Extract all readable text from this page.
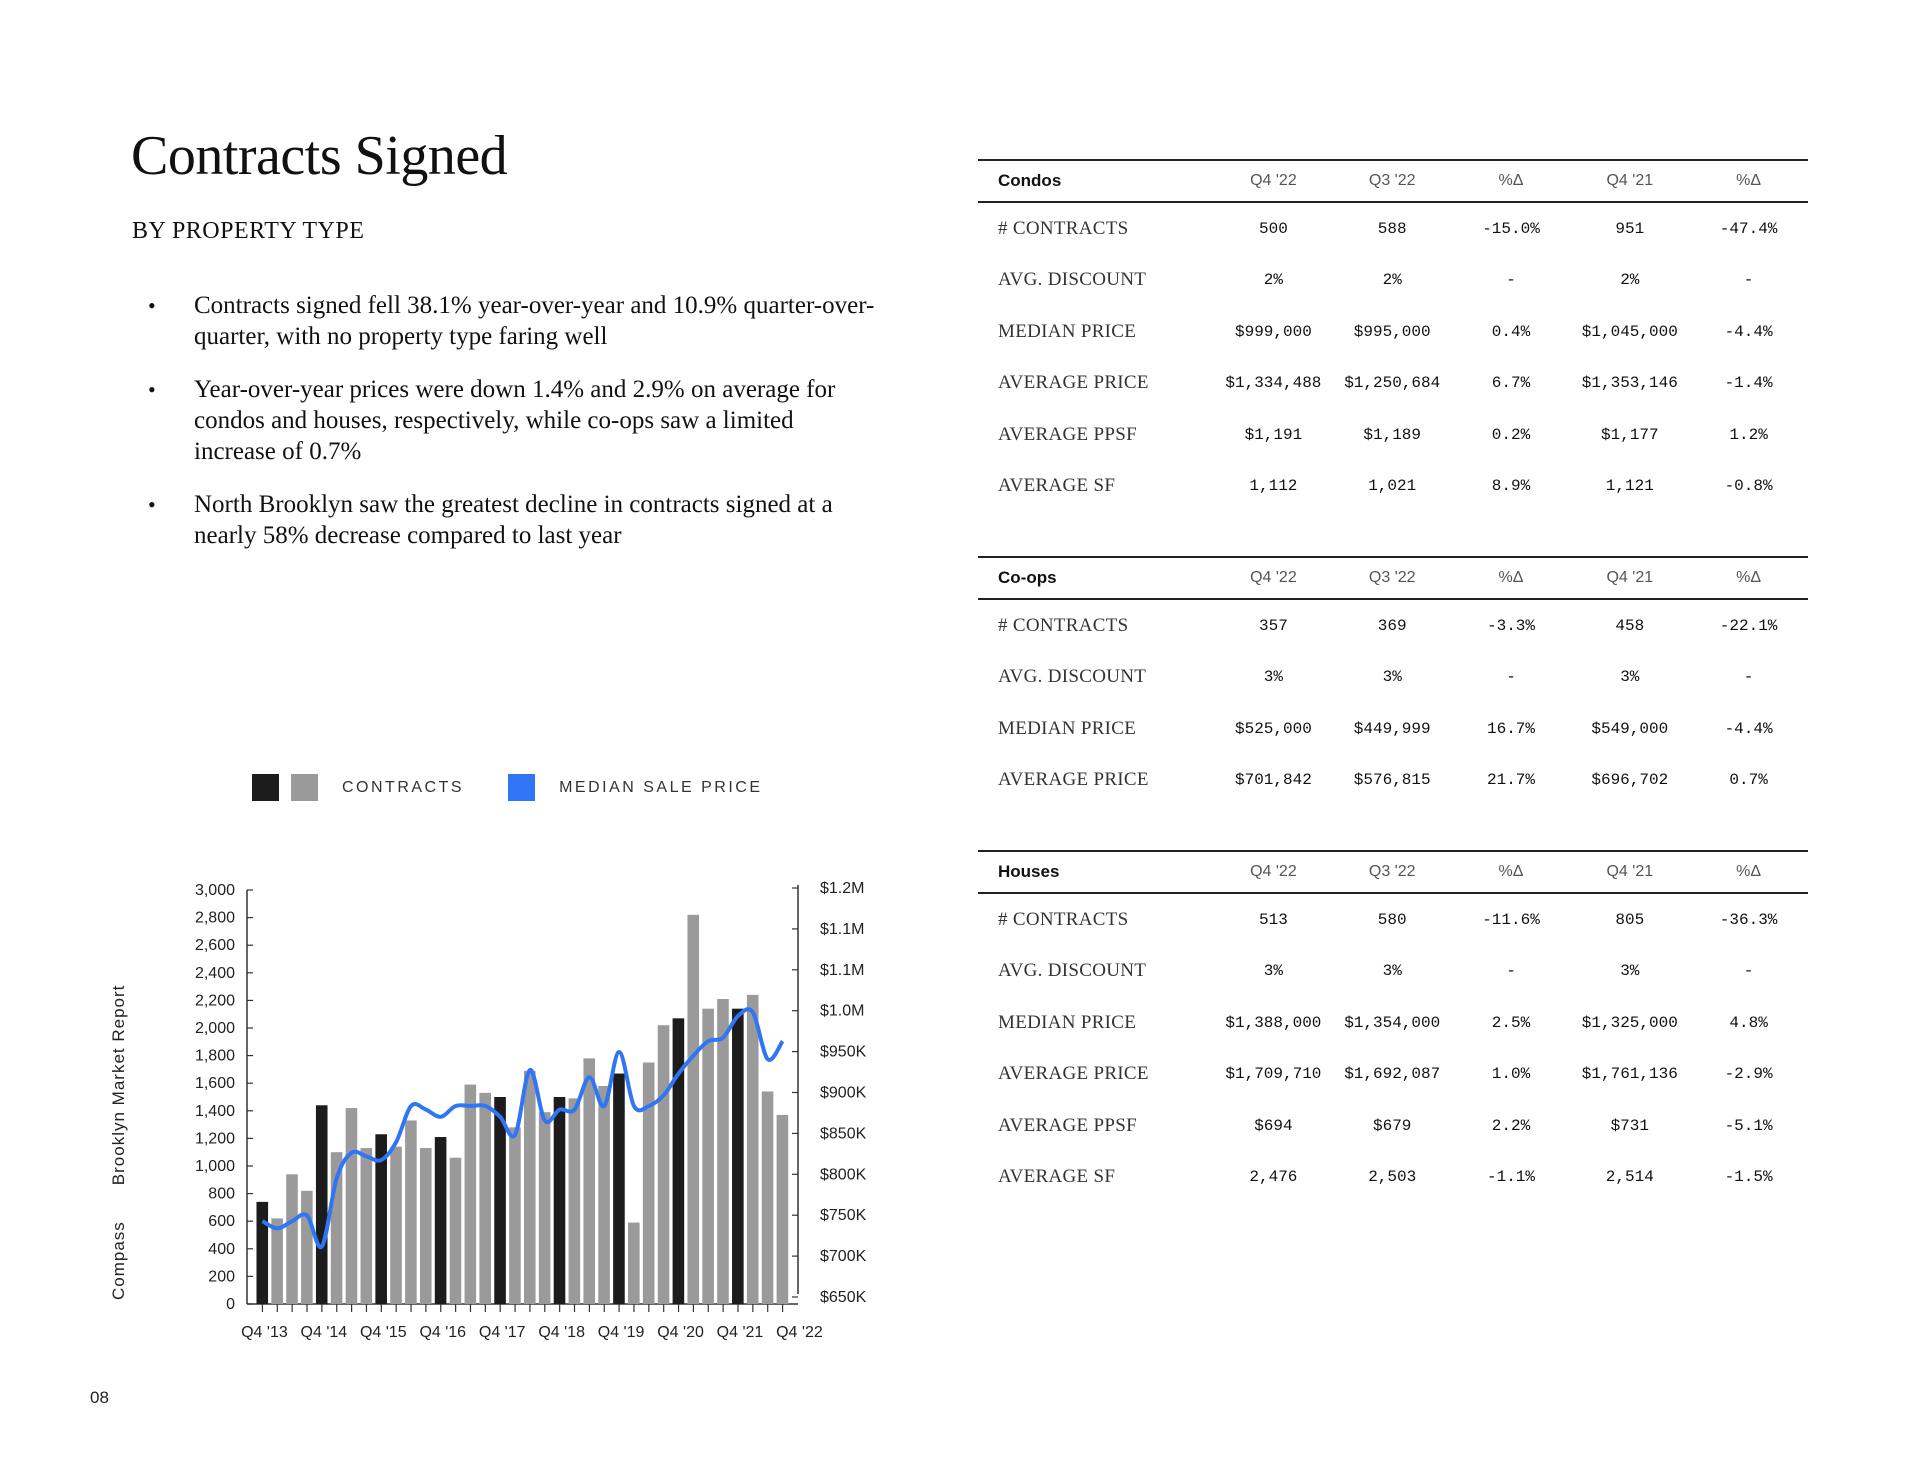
Contracts Signed
BY PROPERTY TYPE
• Contracts signed fell 38.1% year-over-year and 10.9% quarter-over-quarter, with no property type faring well
• Year-over-year prices were down 1.4% and 2.9% on average for condos and houses, respectively, while co-ops saw a limited increase of 0.7%
• North Brooklyn saw the greatest decline in contracts signed at a nearly 58% decrease compared to last year
Compass
Brooklyn Market Report
08
CONTRACTS	MEDIAN SALE PRICE
3,000
2,800
2,600
2,400
2,200
2,000
1,800
1,600
1,400
1,200
1,000
800
600
400
200
0
$1.2M
$1.1M
$1.1M
$1.0M
$950K
$900K
$850K
$800K
$750K
$700K
$650K
Q4 '13 Q4 '14 Q4 '15 Q4 '16 Q4 '17 Q4 '18 Q4 '19 Q4 '20 Q4 '21 Q4 '22
Condos	Q4 '22	Q3 '22	%Δ	Q4 '21	%Δ
# CONTRACTS	500	588	-15.0%	951	-47.4%
AVG. DISCOUNT	2%	2%	-	2%	-
MEDIAN PRICE	$999,000	$995,000	0.4%	$1,045,000	-4.4%
AVERAGE PRICE	$1,334,488	$1,250,684	6.7%	$1,353,146	-1.4%
AVERAGE PPSF	$1,191	$1,189	0.2%	$1,177	1.2%
AVERAGE SF	1,112	1,021	8.9%	1,121	-0.8%
Co-ops	Q4 '22	Q3 '22	%Δ	Q4 '21	%Δ
# CONTRACTS	357	369	-3.3%	458	-22.1%
AVG. DISCOUNT	3%	3%	-	3%	-
MEDIAN PRICE	$525,000	$449,999	16.7%	$549,000	-4.4%
AVERAGE PRICE	$701,842	$576,815	21.7%	$696,702	0.7%
Houses	Q4 '22	Q3 '22	%Δ	Q4 '21	%Δ
# CONTRACTS	513	580	-11.6%	805	-36.3%
AVG. DISCOUNT	3%	3%	-	3%	-
MEDIAN PRICE	$1,388,000	$1,354,000	2.5%	$1,325,000	4.8%
AVERAGE PRICE	$1,709,710	$1,692,087	1.0%	$1,761,136	-2.9%
AVERAGE PPSF	$694	$679	2.2%	$731	-5.1%
AVERAGE SF	2,476	2,503	-1.1%	2,514	-1.5%
